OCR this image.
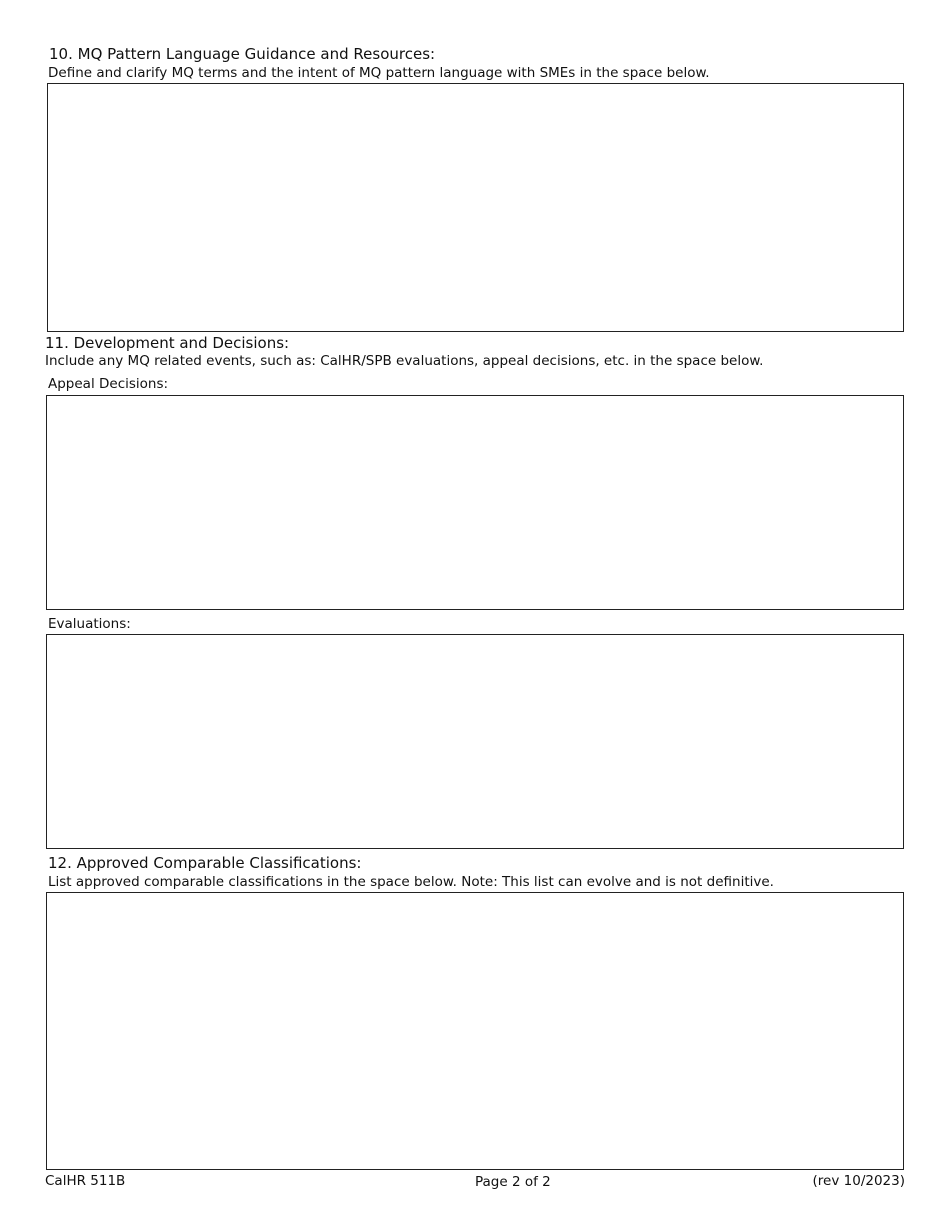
10. MQ Pattern Language Guidance and Resources:
Define and clarify MQ terms and the intent of MQ pattern language with SMEs in the space below.
11. Development and Decisions:
Include any MQ related events, such as: CalHR/SPB evaluations, appeal decisions, etc. in the space below.
Appeal Decisions:
Evaluations:
12. Approved Comparable Classifications:
List approved comparable classifications in the space below. Note: This list can evolve and is not definitive.
CalHR 511B	Page 2 of 2	(rev 10/2023)
